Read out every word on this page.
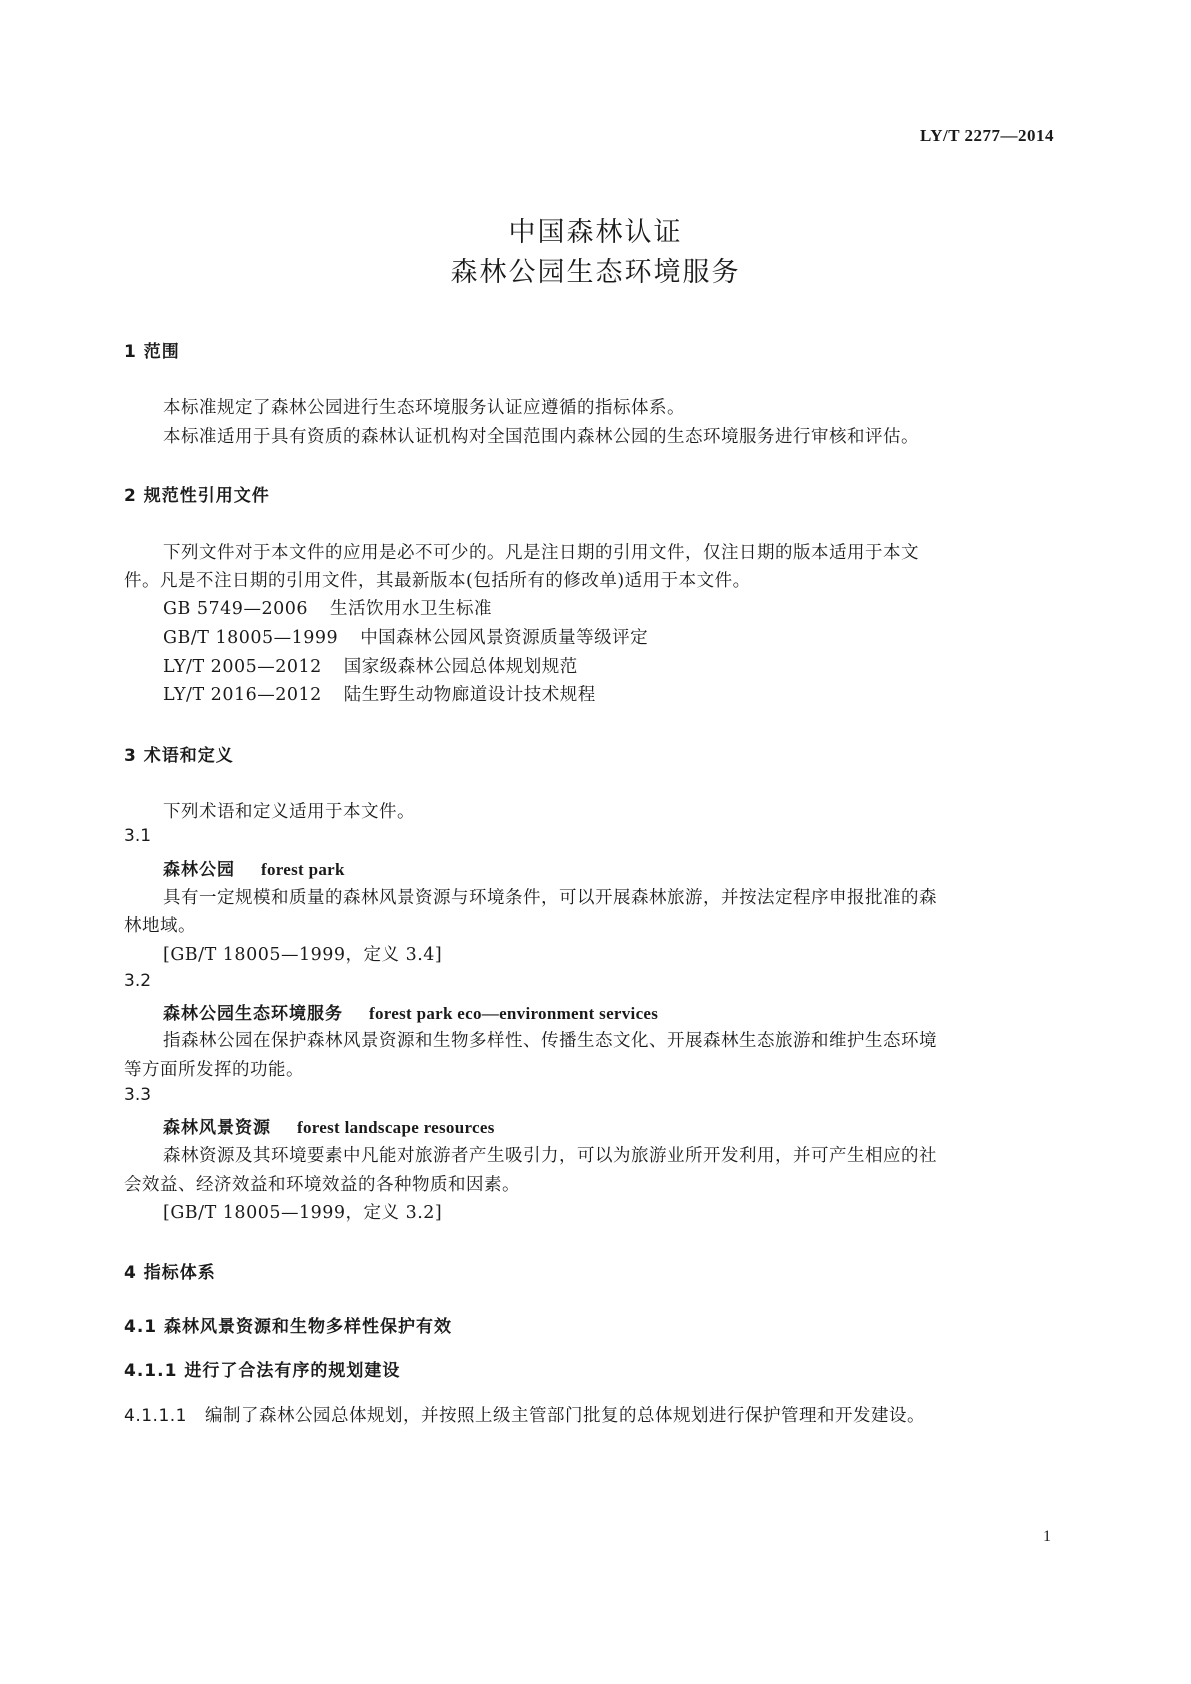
LY/T 2277—2014
中国森林认证
森林公园生态环境服务
1 范围
本标准规定了森林公园进行生态环境服务认证应遵循的指标体系。
本标准适用于具有资质的森林认证机构对全国范围内森林公园的生态环境服务进行审核和评估。
2 规范性引用文件
下列文件对于本文件的应用是必不可少的。凡是注日期的引用文件，仅注日期的版本适用于本文
件。凡是不注日期的引用文件，其最新版本(包括所有的修改单)适用于本文件。
GB 5749—2006 生活饮用水卫生标准
GB/T 18005—1999 中国森林公园风景资源质量等级评定
LY/T 2005—2012 国家级森林公园总体规划规范
LY/T 2016—2012 陆生野生动物廊道设计技术规程
3 术语和定义
下列术语和定义适用于本文件。
3.1
森林公园 forest park
具有一定规模和质量的森林风景资源与环境条件，可以开展森林旅游，并按法定程序申报批准的森
林地域。
[GB/T 18005—1999，定义 3.4]
3.2
森林公园生态环境服务 forest park eco—environment services
指森林公园在保护森林风景资源和生物多样性、传播生态文化、开展森林生态旅游和维护生态环境
等方面所发挥的功能。
3.3
森林风景资源 forest landscape resources
森林资源及其环境要素中凡能对旅游者产生吸引力，可以为旅游业所开发利用，并可产生相应的社
会效益、经济效益和环境效益的各种物质和因素。
[GB/T 18005—1999，定义 3.2]
4 指标体系
4.1 森林风景资源和生物多样性保护有效
4.1.1 进行了合法有序的规划建设
4.1.1.1 编制了森林公园总体规划，并按照上级主管部门批复的总体规划进行保护管理和开发建设。
1
